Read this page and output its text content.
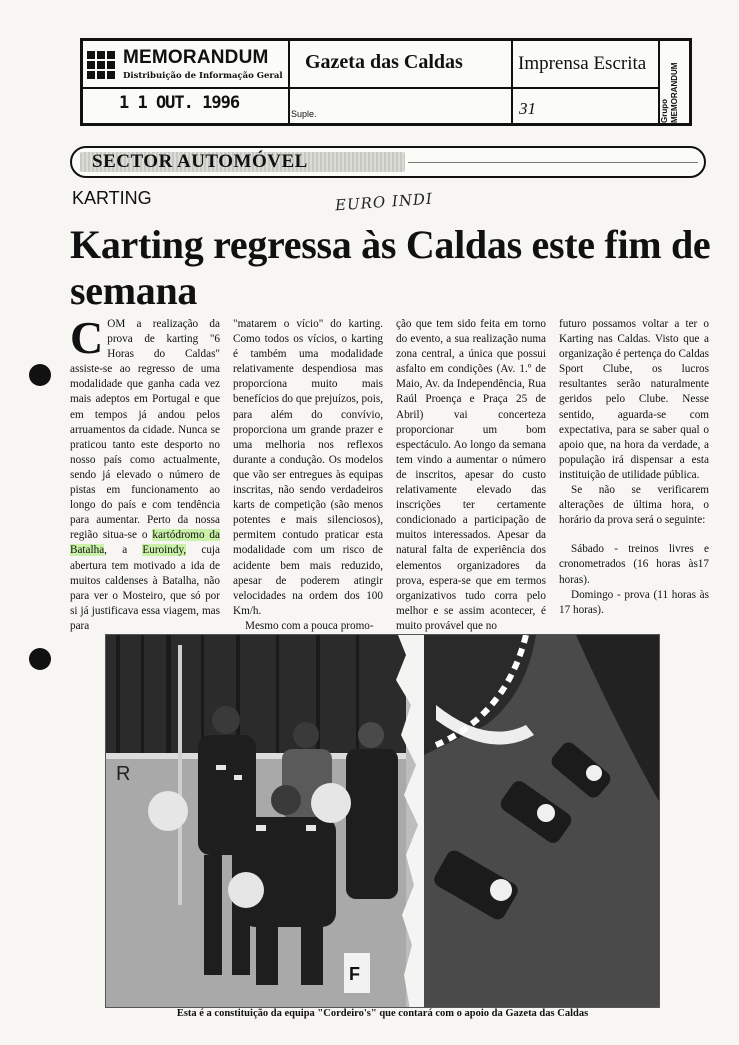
MEMORANDUM
Distribuição de Informação Geral
Gazeta das Caldas	Imprensa Escrita
1 1 OUT. 1996
Suple.	31	Grupo MEMORANDUM
SECTOR AUTOMÓVEL
KARTING	EURO INDI
Karting regressa às Caldas este fim de semana
COM a realização da prova de karting "6 Horas do Caldas" assiste-se ao regresso de uma modalidade que ganha cada vez mais adeptos em Portugal e que em tempos já andou pelos arruamentos da cidade. Nunca se praticou tanto este desporto no nosso país como actualmente, sendo já elevado o número de pistas em funcionamento ao longo do país e com tendência para aumentar. Perto da nossa região situa-se o kartódromo da Batalha, a Euroindy, cuja abertura tem motivado a ida de muitos caldenses à Batalha, não para ver o Mosteiro, que só por si já justificava essa viagem, mas para

"matarem o vício" do karting. Como todos os vícios, o karting é também uma modalidade relativamente despendiosa mas proporciona muito mais benefícios do que prejuízos, pois, para além do convívio, proporciona um grande prazer e uma melhoria nos reflexos durante a condução. Os modelos que vão ser entregues às equipas inscritas, não sendo verdadeiros karts de competição (são menos potentes e mais silenciosos), permitem contudo praticar esta modalidade com um risco de acidente bem mais reduzido, apesar de poderem atingir velocidades na ordem dos 100 Km/h.

Mesmo com a pouca promo-

ção que tem sido feita em torno do evento, a sua realização numa zona central, a única que possui asfalto em condições (Av. 1.º de Maio, Av. da Independência, Rua Raúl Proença e Praça 25 de Abril) vai concerteza proporcionar um bom espectáculo. Ao longo da semana tem vindo a aumentar o número de inscritos, apesar do custo relativamente elevado das inscrições ter certamente condicionado a participação de muitos interessados. Apesar da natural falta de experiência dos elementos organizadores da prova, espera-se que em termos organizativos tudo corra pelo melhor e se assim acontecer, é muito provável que no

futuro possamos voltar a ter o Karting nas Caldas. Visto que a organização é pertença do Caldas Sport Clube, os lucros resultantes serão naturalmente geridos pelo Clube. Nesse sentido, aguarda-se com expectativa, para se saber qual o apoio que, na hora da verdade, a população irá dispensar a esta instituição de utilidade pública.

Se não se verificarem alterações de última hora, o horário da prova será o seguinte:

Sábado - treinos livres e cronometrados (16 horas às17 horas).

Domingo - prova (11 horas às 17 horas).

R
F
Esta é a constituição da equipa "Cordeiro's" que contará com o apoio da Gazeta das Caldas
